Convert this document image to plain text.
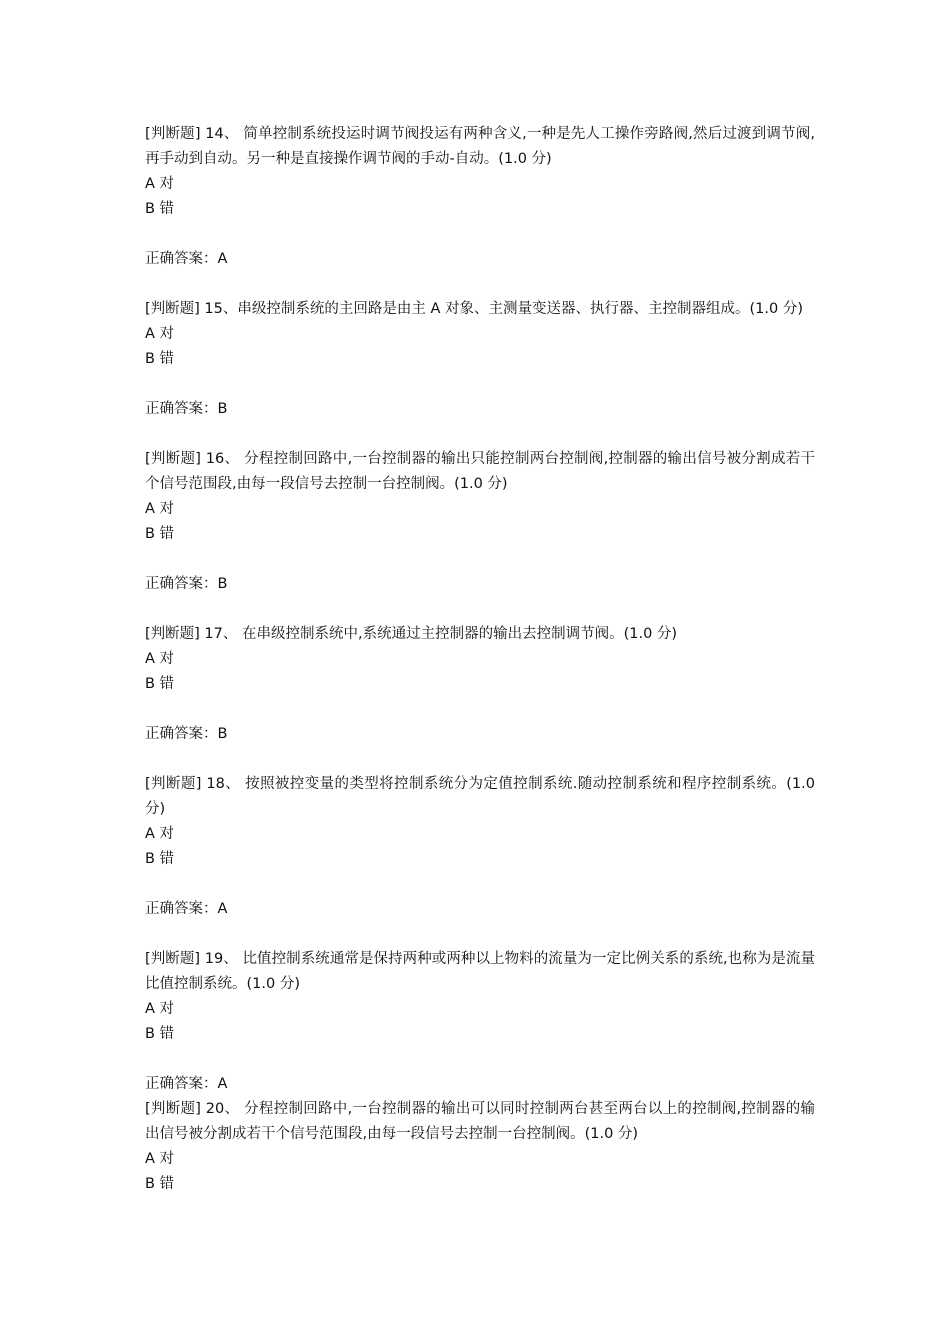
[判断题] 14、 简单控制系统投运时调节阀投运有两种含义,一种是先人工操作旁路阀,然后过渡到调节阀,再手动到自动。另一种是直接操作调节阀的手动-自动。(1.0 分)

A 对

B 错

正确答案：A

[判断题] 15、串级控制系统的主回路是由主 A 对象、主测量变送器、执行器、主控制器组成。(1.0 分)

A 对

B 错

正确答案：B

[判断题] 16、 分程控制回路中,一台控制器的输出只能控制两台控制阀,控制器的输出信号被分割成若干个信号范围段,由每一段信号去控制一台控制阀。(1.0 分)

A 对

B 错

正确答案：B

[判断题] 17、 在串级控制系统中,系统通过主控制器的输出去控制调节阀。(1.0 分)

A 对

B 错

正确答案：B

[判断题] 18、 按照被控变量的类型将控制系统分为定值控制系统.随动控制系统和程序控制系统。(1.0 分)

A 对

B 错

正确答案：A

[判断题] 19、 比值控制系统通常是保持两种或两种以上物料的流量为一定比例关系的系统,也称为是流量比值控制系统。(1.0 分)

A 对

B 错

正确答案：A

[判断题] 20、 分程控制回路中,一台控制器的输出可以同时控制两台甚至两台以上的控制阀,控制器的输出信号被分割成若干个信号范围段,由每一段信号去控制一台控制阀。(1.0 分)

A 对

B 错
